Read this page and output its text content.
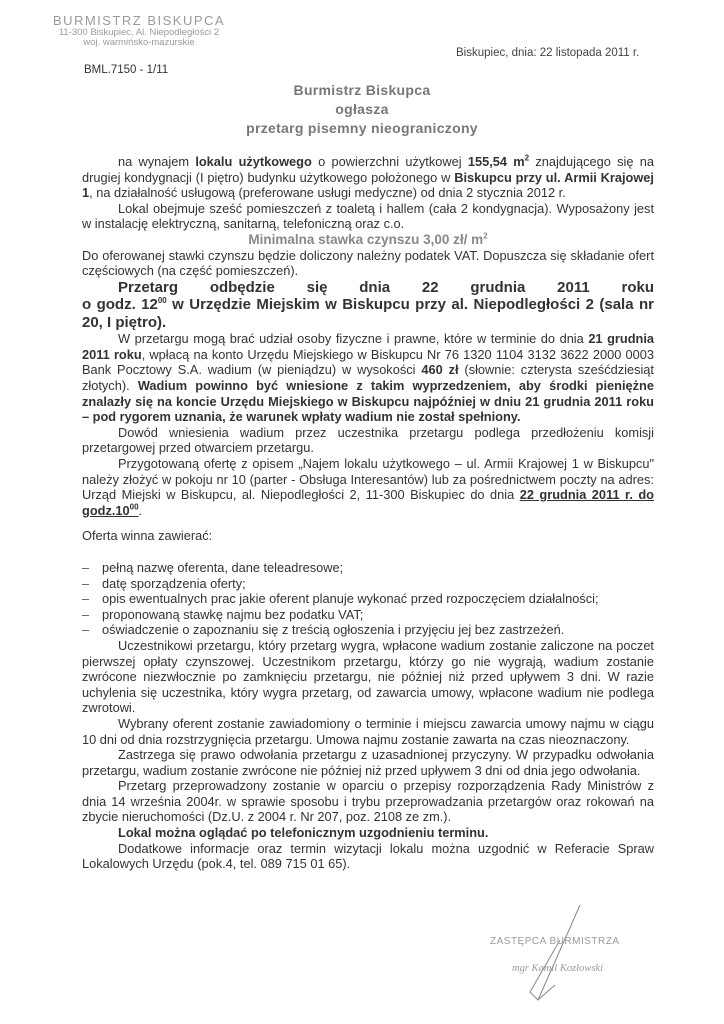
BURMISTRZ BISKUPCA
11-300 Biskupiec, Al. Niepodległości 2
woj. warmińsko-mazurskie
BML.7150 - 1/11
Biskupiec, dnia: 22 listopada 2011 r.
Burmistrz Biskupca
ogłasza
przetarg pisemny nieograniczony

na wynajem lokalu użytkowego o powierzchni użytkowej 155,54 $m^2$ znajdującego się na drugiej kondygnacji (I piętro) budynku użytkowego położonego w Biskupcu przy ul. Armii Krajowej 1, na działalność usługową (preferowane usługi medyczne) od dnia 2 stycznia 2012 r.

Lokal obejmuje sześć pomieszczeń z toaletą i hallem (cała 2 kondygnacja). Wyposażony jest w instalację elektryczną, sanitarną, telefoniczną oraz c.o.

Minimalna stawka czynszu 3,00 zł/ $m^2$

Do oferowanej stawki czynszu będzie doliczony należny podatek VAT. Dopuszcza się składanie ofert częściowych (na część pomieszczeń).

Przetarg odbędzie się dnia 22 grudnia 2011 roku

o godz. $12^{00}$ w Urzędzie Miejskim w Biskupcu przy al. Niepodległości 2 (sala nr 20, I piętro).

W przetargu mogą brać udział osoby fizyczne i prawne, które w terminie do dnia 21 grudnia 2011 roku, wpłacą na konto Urzędu Miejskiego w Biskupcu Nr 76 1320 1104 3132 3622 2000 0003 Bank Pocztowy S.A. wadium (w pieniądzu) w wysokości 460 zł (słownie: czterysta sześćdziesiąt złotych). Wadium powinno być wniesione z takim wyprzedzeniem, aby środki pieniężne znalazły się na koncie Urzędu Miejskiego w Biskupcu najpóźniej w dniu 21 grudnia 2011 roku – pod rygorem uznania, że warunek wpłaty wadium nie został spełniony.

Dowód wniesienia wadium przez uczestnika przetargu podlega przedłożeniu komisji przetargowej przed otwarciem przetargu.

Przygotowaną ofertę z opisem „Najem lokalu użytkowego – ul. Armii Krajowej 1 w Biskupcu" należy złożyć w pokoju nr 10 (parter - Obsługa Interesantów) lub za pośrednictwem poczty na adres: Urząd Miejski w Biskupcu, al. Niepodległości 2, 11-300 Biskupiec do dnia 22 grudnia 2011 r. do $godz.10^{00}$.

Oferta winna zawierać:

– pełną nazwę oferenta, dane teleadresowe;
– datę sporządzenia oferty;
– opis ewentualnych prac jakie oferent planuje wykonać przed rozpoczęciem działalności;
– proponowaną stawkę najmu bez podatku VAT;
– oświadczenie o zapoznaniu się z treścią ogłoszenia i przyjęciu jej bez zastrzeżeń.

Uczestnikowi przetargu, który przetarg wygra, wpłacone wadium zostanie zaliczone na poczet pierwszej opłaty czynszowej. Uczestnikom przetargu, którzy go nie wygrają, wadium zostanie zwrócone niezwłocznie po zamknięciu przetargu, nie później niż przed upływem 3 dni. W razie uchylenia się uczestnika, który wygra przetarg, od zawarcia umowy, wpłacone wadium nie podlega zwrotowi.

Wybrany oferent zostanie zawiadomiony o terminie i miejscu zawarcia umowy najmu w ciągu 10 dni od dnia rozstrzygnięcia przetargu. Umowa najmu zostanie zawarta na czas nieoznaczony.

Zastrzega się prawo odwołania przetargu z uzasadnionej przyczyny. W przypadku odwołania przetargu, wadium zostanie zwrócone nie później niż przed upływem 3 dni od dnia jego odwołania.

Przetarg przeprowadzony zostanie w oparciu o przepisy rozporządzenia Rady Ministrów z dnia 14 września 2004r. w sprawie sposobu i trybu przeprowadzania przetargów oraz rokowań na zbycie nieruchomości (Dz.U. z 2004 r. Nr 207, poz. 2108 ze zm.).

Lokal można oglądać po telefonicznym uzgodnieniu terminu.

Dodatkowe informacje oraz termin wizytacji lokalu można uzgodnić w Referacie Spraw Lokalowych Urzędu (pok.4, tel. 089 715 01 65).

ZASTĘPCA BURMISTRZA
mgr Kamil Kozłowski
